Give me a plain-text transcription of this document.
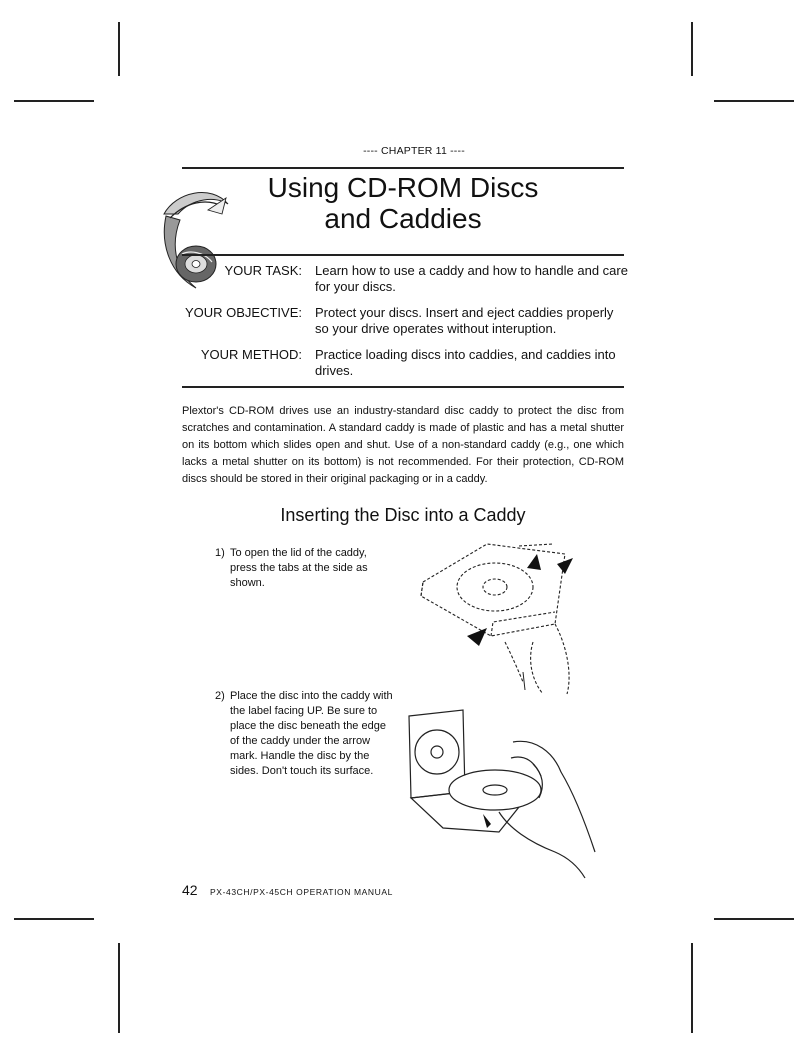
---- CHAPTER 11 ----
Using CD-ROM Discs
and Caddies
YOUR TASK: Learn how to use a caddy and how to handle and care for your discs.
YOUR OBJECTIVE: Protect your discs. Insert and eject caddies properly so your drive operates without interuption.
YOUR METHOD: Practice loading discs into caddies, and caddies into drives.

Plextor's CD-ROM drives use an industry-standard disc caddy to protect the disc from scratches and contamination. A standard caddy is made of plastic and has a metal shutter on its bottom which slides open and shut. Use of a non-standard caddy (e.g., one which lacks a metal shutter on its bottom) is not recommended. For their protection, CD-ROM discs should be stored in their original packaging or in a caddy.

Inserting the Disc into a Caddy
1) To open the lid of the caddy, press the tabs at the side as shown.
2) Place the disc into the caddy with the label facing UP. Be sure to place the disc beneath the edge of the caddy under the arrow mark. Handle the disc by the sides. Don't touch its surface.
42 PX-43CH/PX-45CH OPERATION MANUAL
